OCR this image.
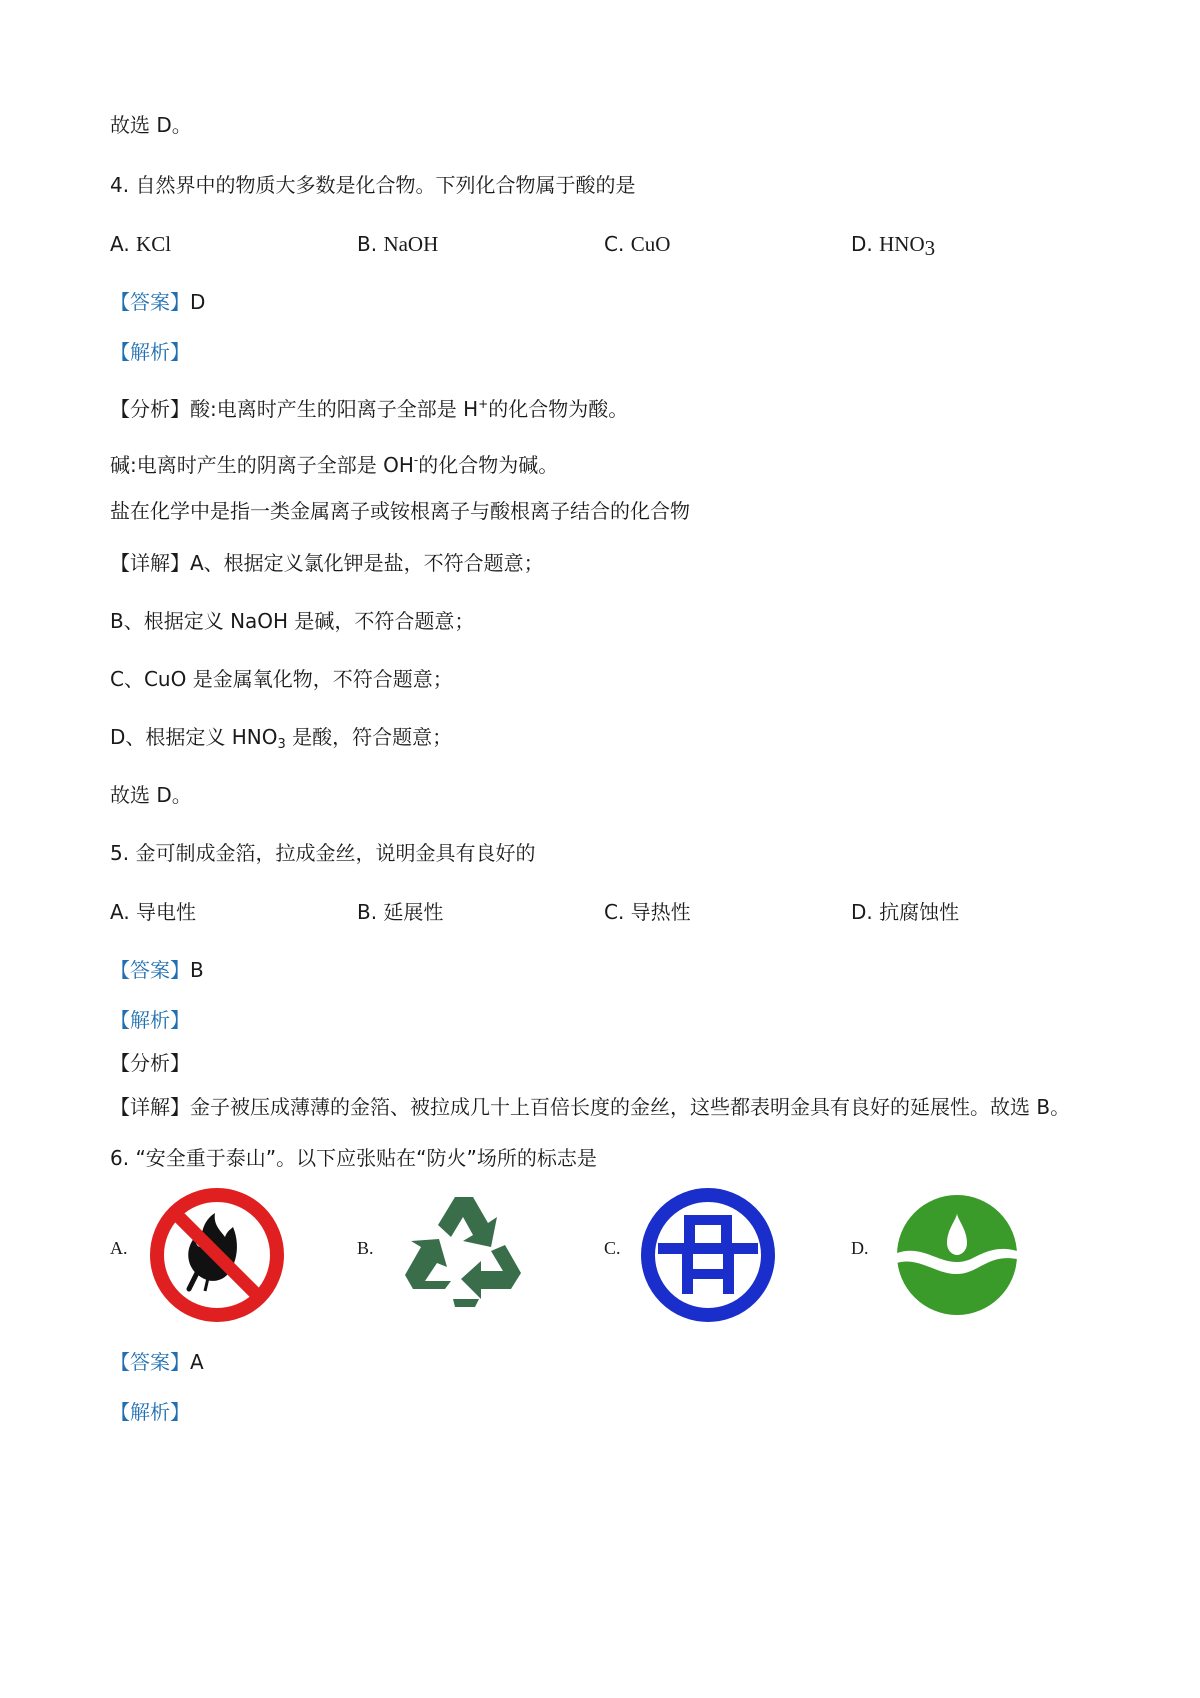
故选 D。
4. 自然界中的物质大多数是化合物。下列化合物属于酸的是
A. KCl	B. NaOH	C. CuO	D. $HNO_3$
【答案】D
【解析】
【分析】酸:电离时产生的阳离子全部是 H+的化合物为酸。
碱:电离时产生的阴离子全部是 OH-的化合物为碱。
盐在化学中是指一类金属离子或铵根离子与酸根离子结合的化合物
【详解】A、根据定义氯化钾是盐，不符合题意；
B、根据定义 NaOH 是碱，不符合题意；
C、CuO 是金属氧化物，不符合题意；
D、根据定义 $HNO_3$ 是酸，符合题意；
故选 D。
5. 金可制成金箔，拉成金丝，说明金具有良好的
A. 导电性	B. 延展性	C. 导热性	D. 抗腐蚀性
【答案】B
【解析】
【分析】
【详解】金子被压成薄薄的金箔、被拉成几十上百倍长度的金丝，这些都表明金具有良好的延展性。故选 B。
6. “安全重于泰山”。以下应张贴在“防火”场所的标志是
A.	B.	C.	D.
【答案】A
【解析】
